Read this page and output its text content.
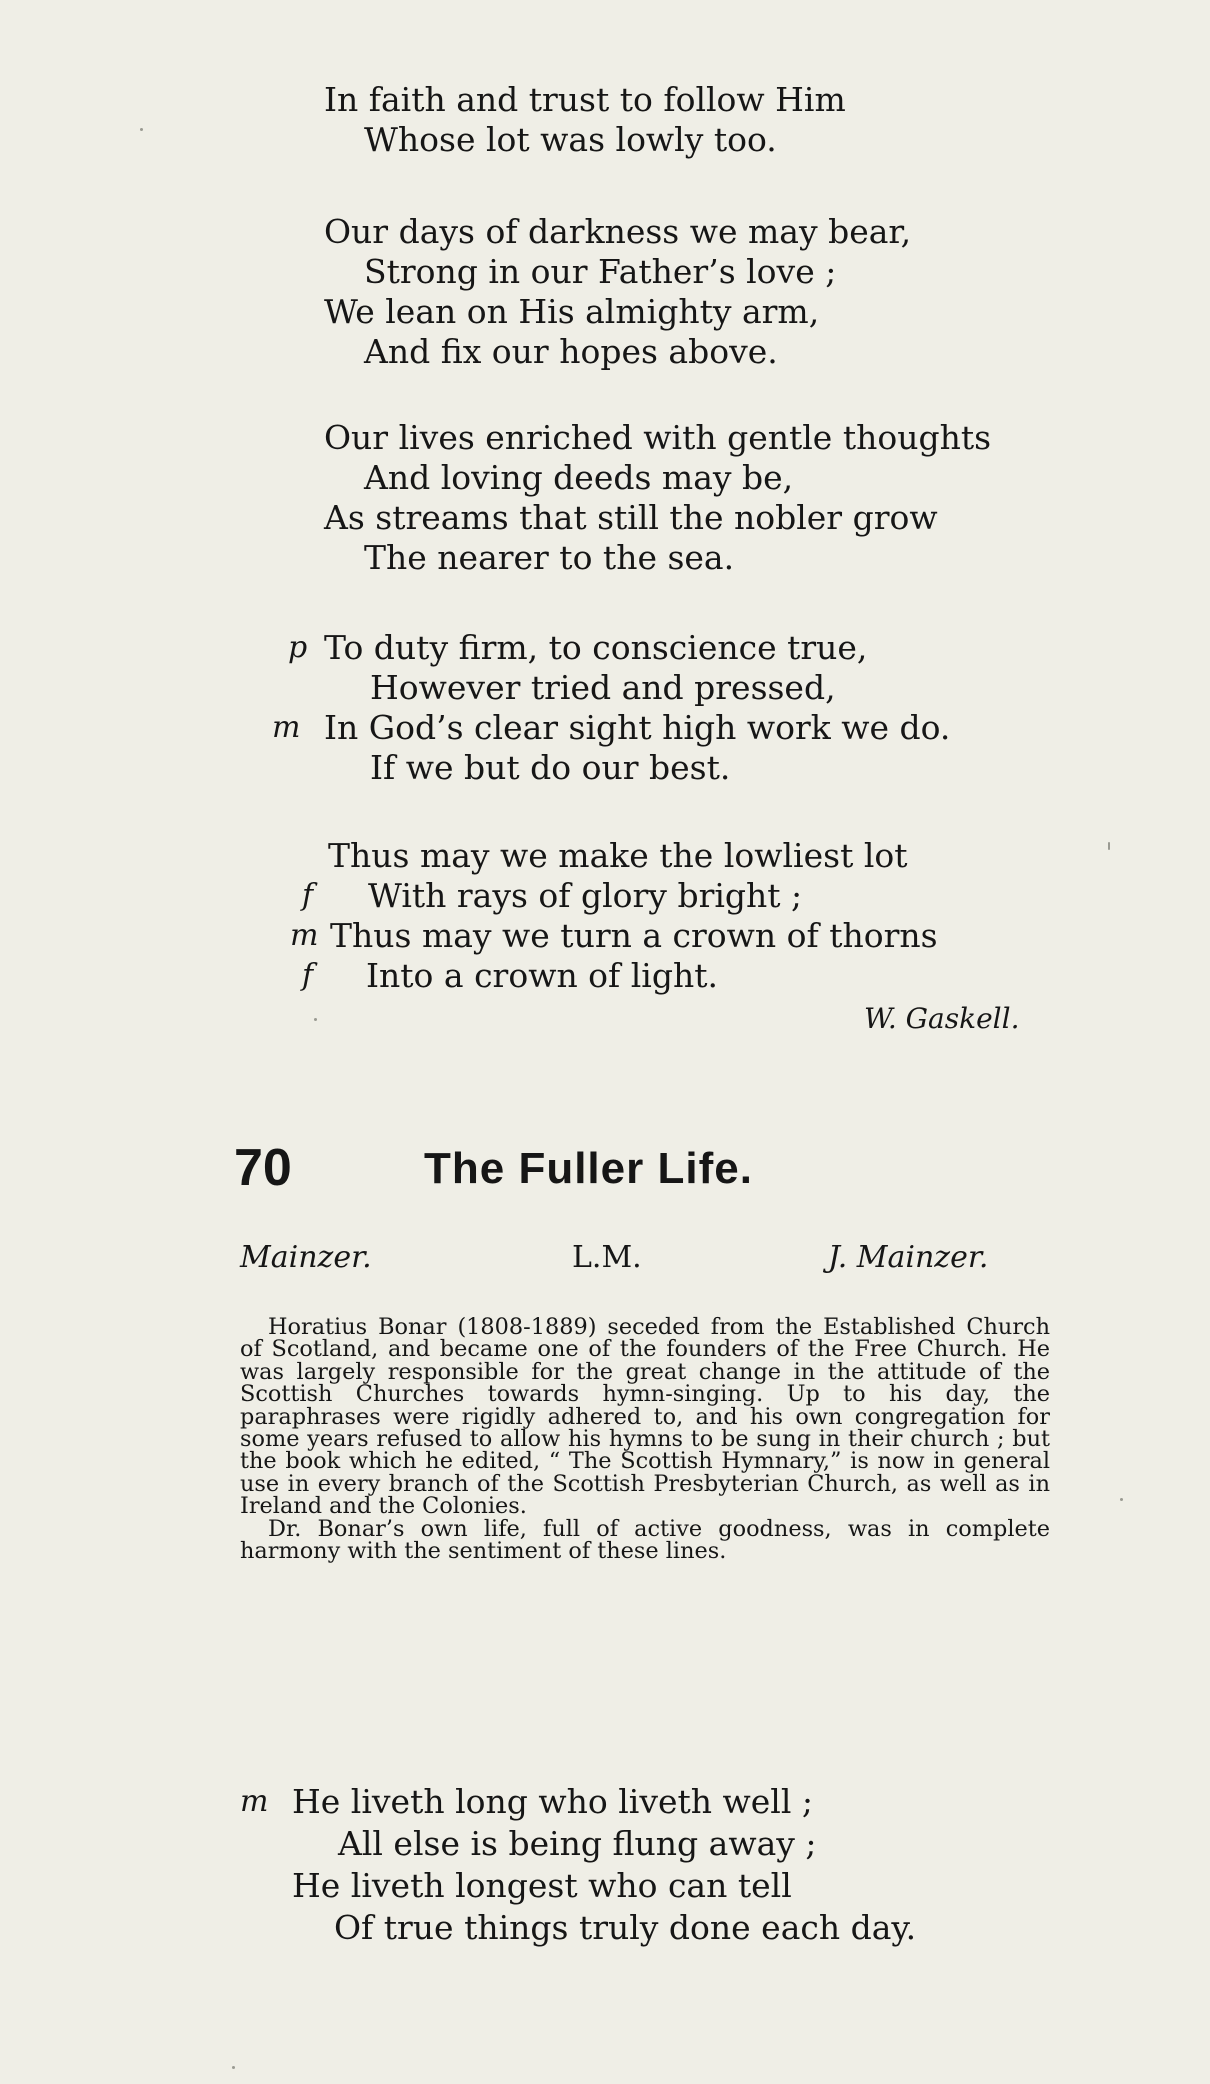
In faith and trust to follow Him
Whose lot was lowly too.
Our days of darkness we may bear,
Strong in our Father’s love ;
We lean on His almighty arm,
And fix our hopes above.
Our lives enriched with gentle thoughts
And loving deeds may be,
As streams that still the nobler grow
The nearer to the sea.
p To duty firm, to conscience true,
However tried and pressed,
m In God’s clear sight high work we do.
If we but do our best.
Thus may we make the lowliest lot
f With rays of glory bright ;
m Thus may we turn a crown of thorns
f Into a crown of light.
W. Gaskell.
70	The Fuller Life.
Mainzer.	L.M.	J. Mainzer.

Horatius Bonar (1808-1889) seceded from the Established Church of Scotland, and became one of the founders of the Free Church. He was largely responsible for the great change in the attitude of the Scottish Churches towards hymn-singing. Up to his day, the paraphrases were rigidly adhered to, and his own congregation for some years refused to allow his hymns to be sung in their church ; but the book which he edited, “ The Scottish Hymnary,” is now in general use in every branch of the Scottish Presbyterian Church, as well as in Ireland and the Colonies.

Dr. Bonar’s own life, full of active goodness, was in complete harmony with the sentiment of these lines.

m He liveth long who liveth well ;
All else is being flung away ;
He liveth longest who can tell
Of true things truly done each day.
